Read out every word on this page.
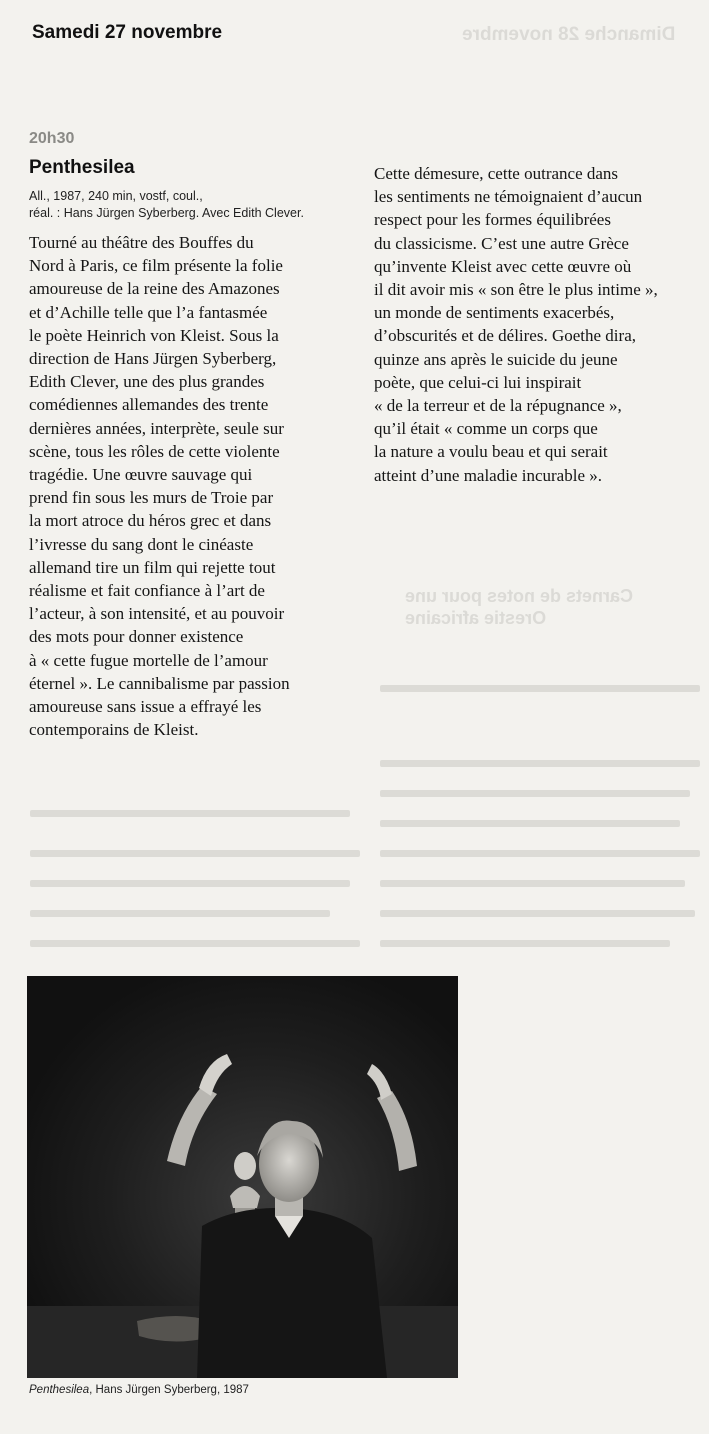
Dimanche 28 novembre
Carnets de notes pour une Orestie africaine
Samedi 27 novembre
20h30
Penthesilea
All., 1987, 240 min, vostf, coul.,
réal. : Hans Jürgen Syberberg. Avec Edith Clever.
Tourné au théâtre des Bouffes du
Nord à Paris, ce film présente la folie
amoureuse de la reine des Amazones
et d’Achille telle que l’a fantasmée
le poète Heinrich von Kleist. Sous la
direction de Hans Jürgen Syberberg,
Edith Clever, une des plus grandes
comédiennes allemandes des trente
dernières années, interprète, seule sur
scène, tous les rôles de cette violente
tragédie. Une œuvre sauvage qui
prend fin sous les murs de Troie par
la mort atroce du héros grec et dans
l’ivresse du sang dont le cinéaste
allemand tire un film qui rejette tout
réalisme et fait confiance à l’art de
l’acteur, à son intensité, et au pouvoir
des mots pour donner existence
à « cette fugue mortelle de l’amour
éternel ». Le cannibalisme par passion
amoureuse sans issue a effrayé les
contemporains de Kleist.
Cette démesure, cette outrance dans
les sentiments ne témoignaient d’aucun
respect pour les formes équilibrées
du classicisme. C’est une autre Grèce
qu’invente Kleist avec cette œuvre où
il dit avoir mis « son être le plus intime »,
un monde de sentiments exacerbés,
d’obscurités et de délires. Goethe dira,
quinze ans après le suicide du jeune
poète, que celui-ci lui inspirait
« de la terreur et de la répugnance »,
qu’il était « comme un corps que
la nature a voulu beau et qui serait
atteint d’une maladie incurable ».
Penthesilea, Hans Jürgen Syberberg, 1987
